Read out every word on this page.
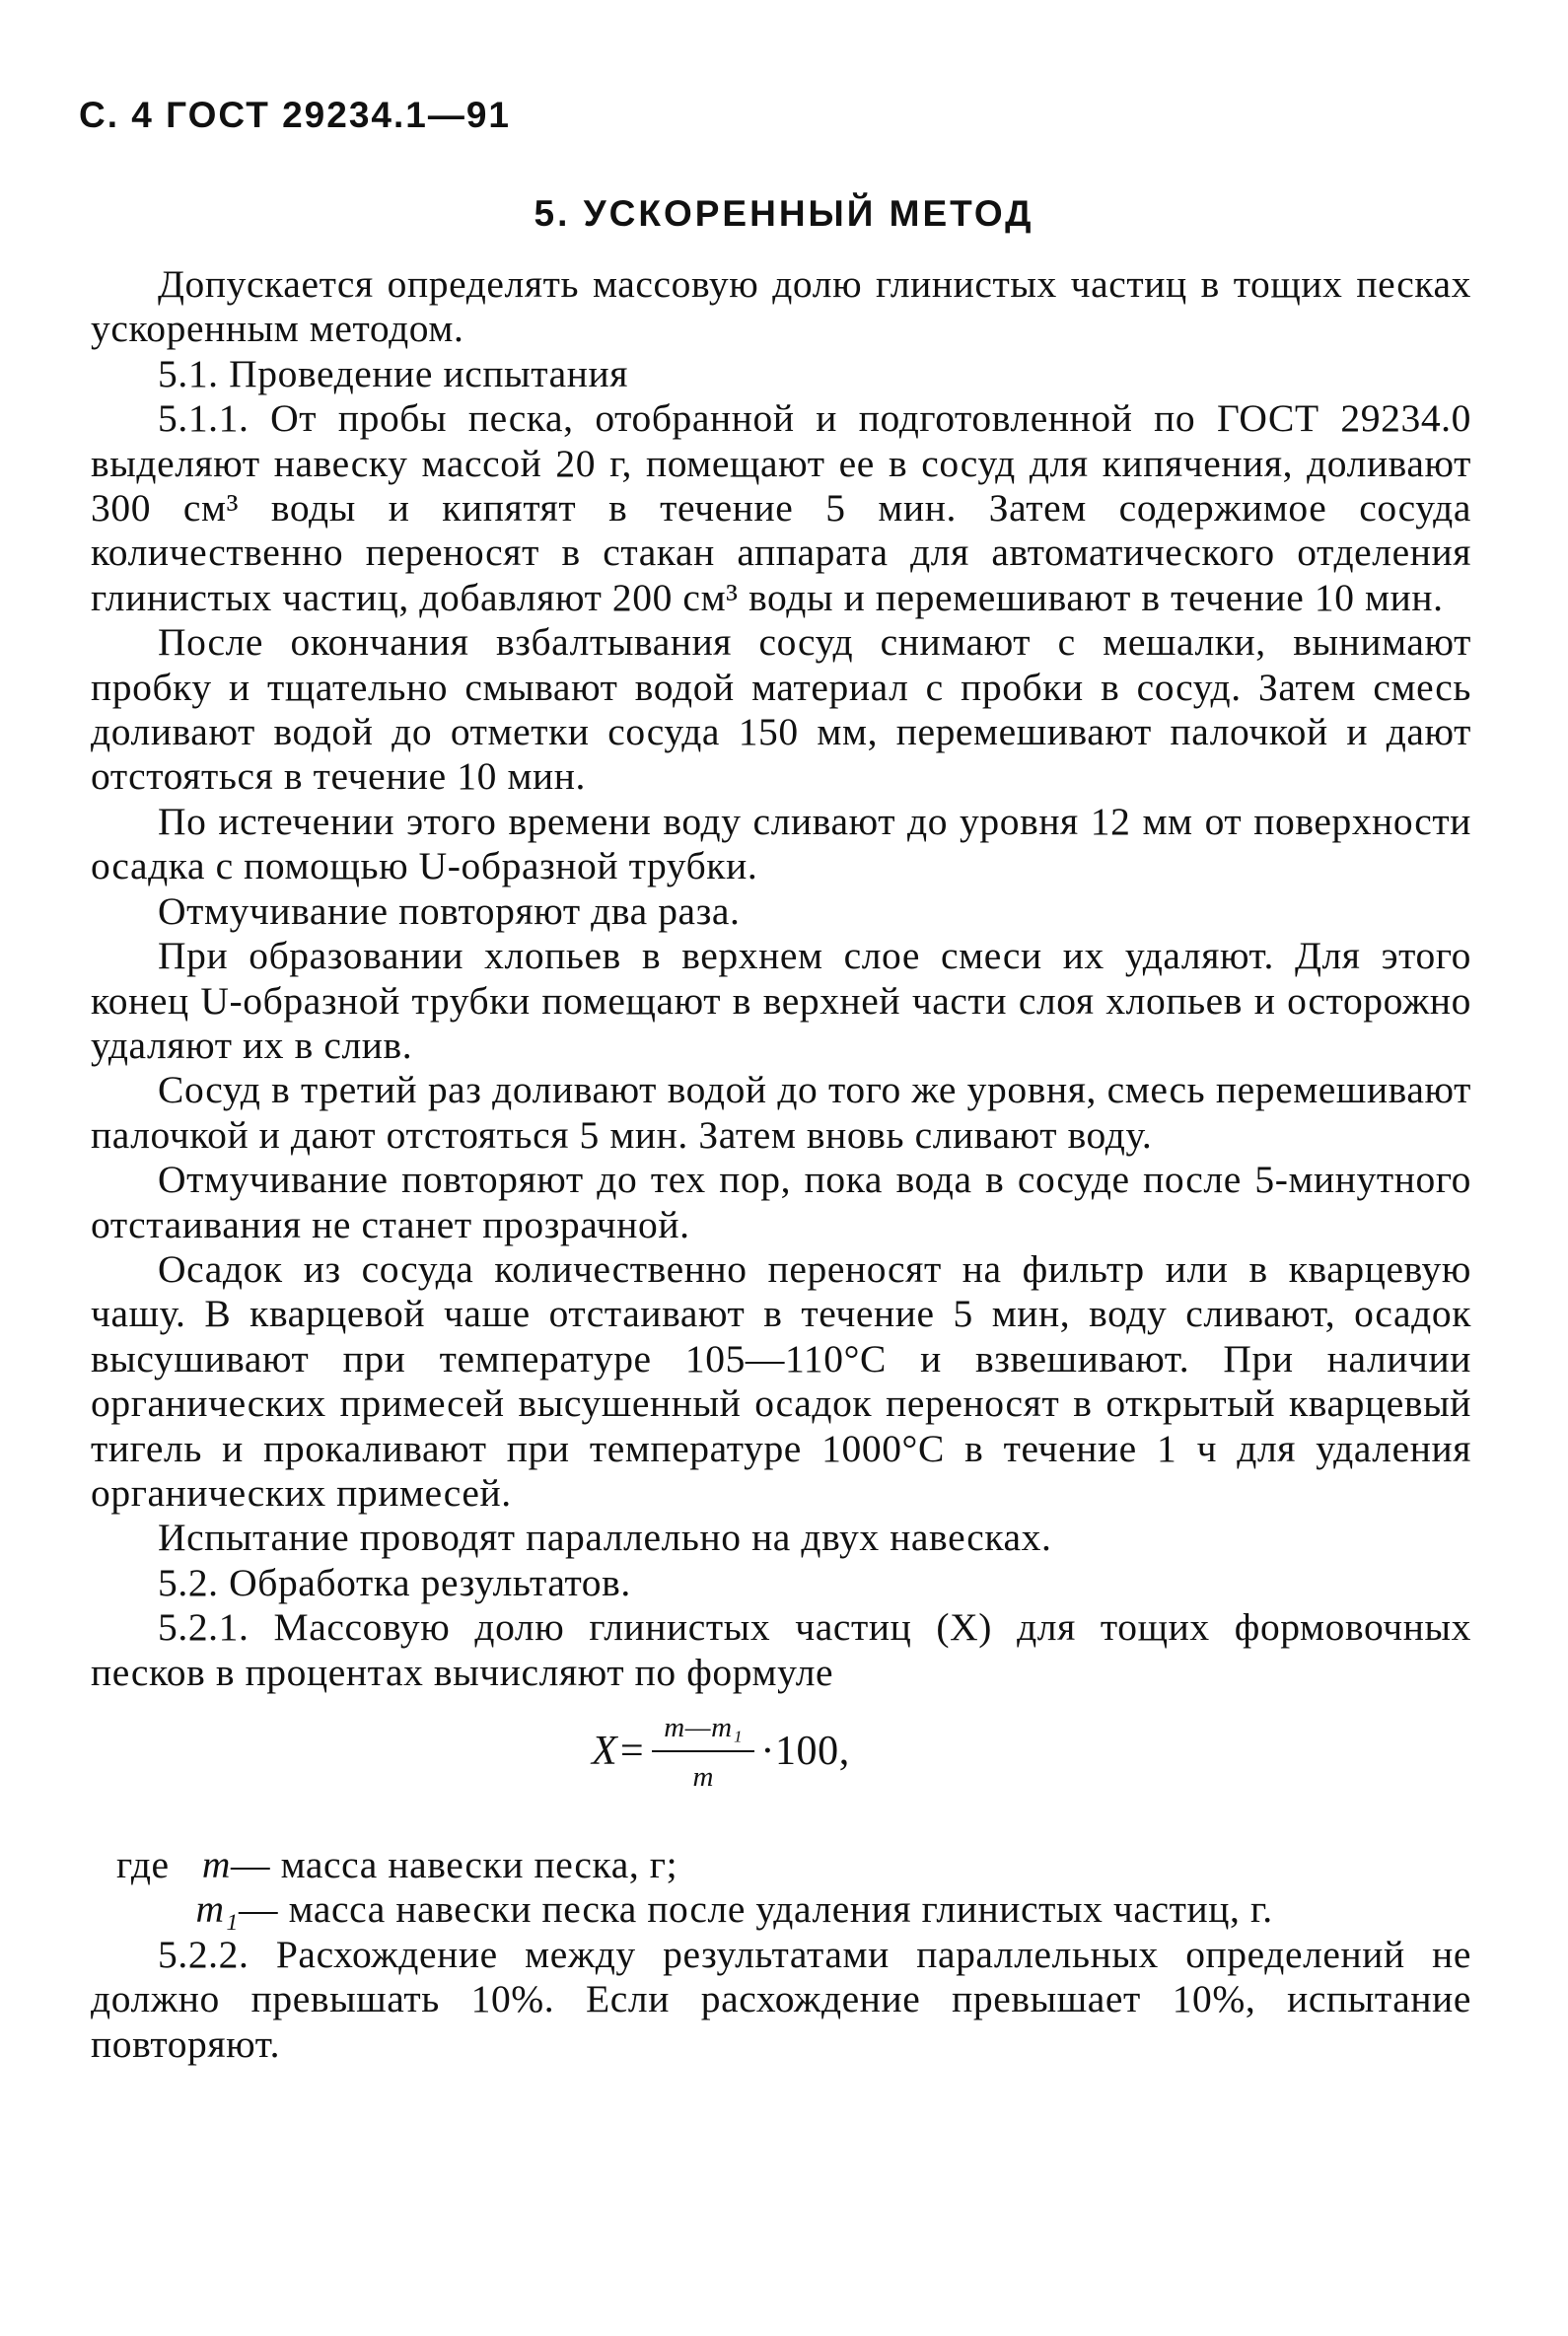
С. 4 ГОСТ 29234.1—91
5. УСКОРЕННЫЙ МЕТОД

Допускается определять массовую долю глинистых частиц в тощих песках ускоренным методом.

5.1. Проведение испытания

5.1.1. От пробы песка, отобранной и подготовленной по ГОСТ 29234.0 выделяют навеску массой 20 г, помещают ее в сосуд для кипячения, доливают 300 см³ воды и кипятят в течение 5 мин. Затем содержимое сосуда количественно переносят в стакан аппарата для автоматического отделения глинистых частиц, добавляют 200 см³ воды и перемешивают в течение 10 мин.

После окончания взбалтывания сосуд снимают с мешалки, вынимают пробку и тщательно смывают водой материал с пробки в сосуд. Затем смесь доливают водой до отметки сосуда 150 мм, перемешивают палочкой и дают отстояться в течение 10 мин.

По истечении этого времени воду сливают до уровня 12 мм от поверхности осадка с помощью U-образной трубки.

Отмучивание повторяют два раза.

При образовании хлопьев в верхнем слое смеси их удаляют. Для этого конец U-образной трубки помещают в верхней части слоя хлопьев и осторожно удаляют их в слив.

Сосуд в третий раз доливают водой до того же уровня, смесь перемешивают палочкой и дают отстояться 5 мин. Затем вновь сливают воду.

Отмучивание повторяют до тех пор, пока вода в сосуде после 5-минутного отстаивания не станет прозрачной.

Осадок из сосуда количественно переносят на фильтр или в кварцевую чашу. В кварцевой чаше отстаивают в течение 5 мин, воду сливают, осадок высушивают при температуре 105—110°С и взвешивают. При наличии органических примесей высушенный осадок переносят в открытый кварцевый тигель и прокаливают при температуре 1000°С в течение 1 ч для удаления органических примесей.

Испытание проводят параллельно на двух навесках.

5.2. Обработка результатов.

5.2.1. Массовую долю глинистых частиц (X) для тощих формовочных песков в процентах вычисляют по формуле

$X= \frac{\text{m—m₁}}{m} \cdot 100$,
где m — масса навески песка, г;
m₁ — масса навески песка после удаления глинистых частиц, г.

5.2.2. Расхождение между результатами параллельных определений не должно превышать 10%. Если расхождение превышает 10%, испытание повторяют.
